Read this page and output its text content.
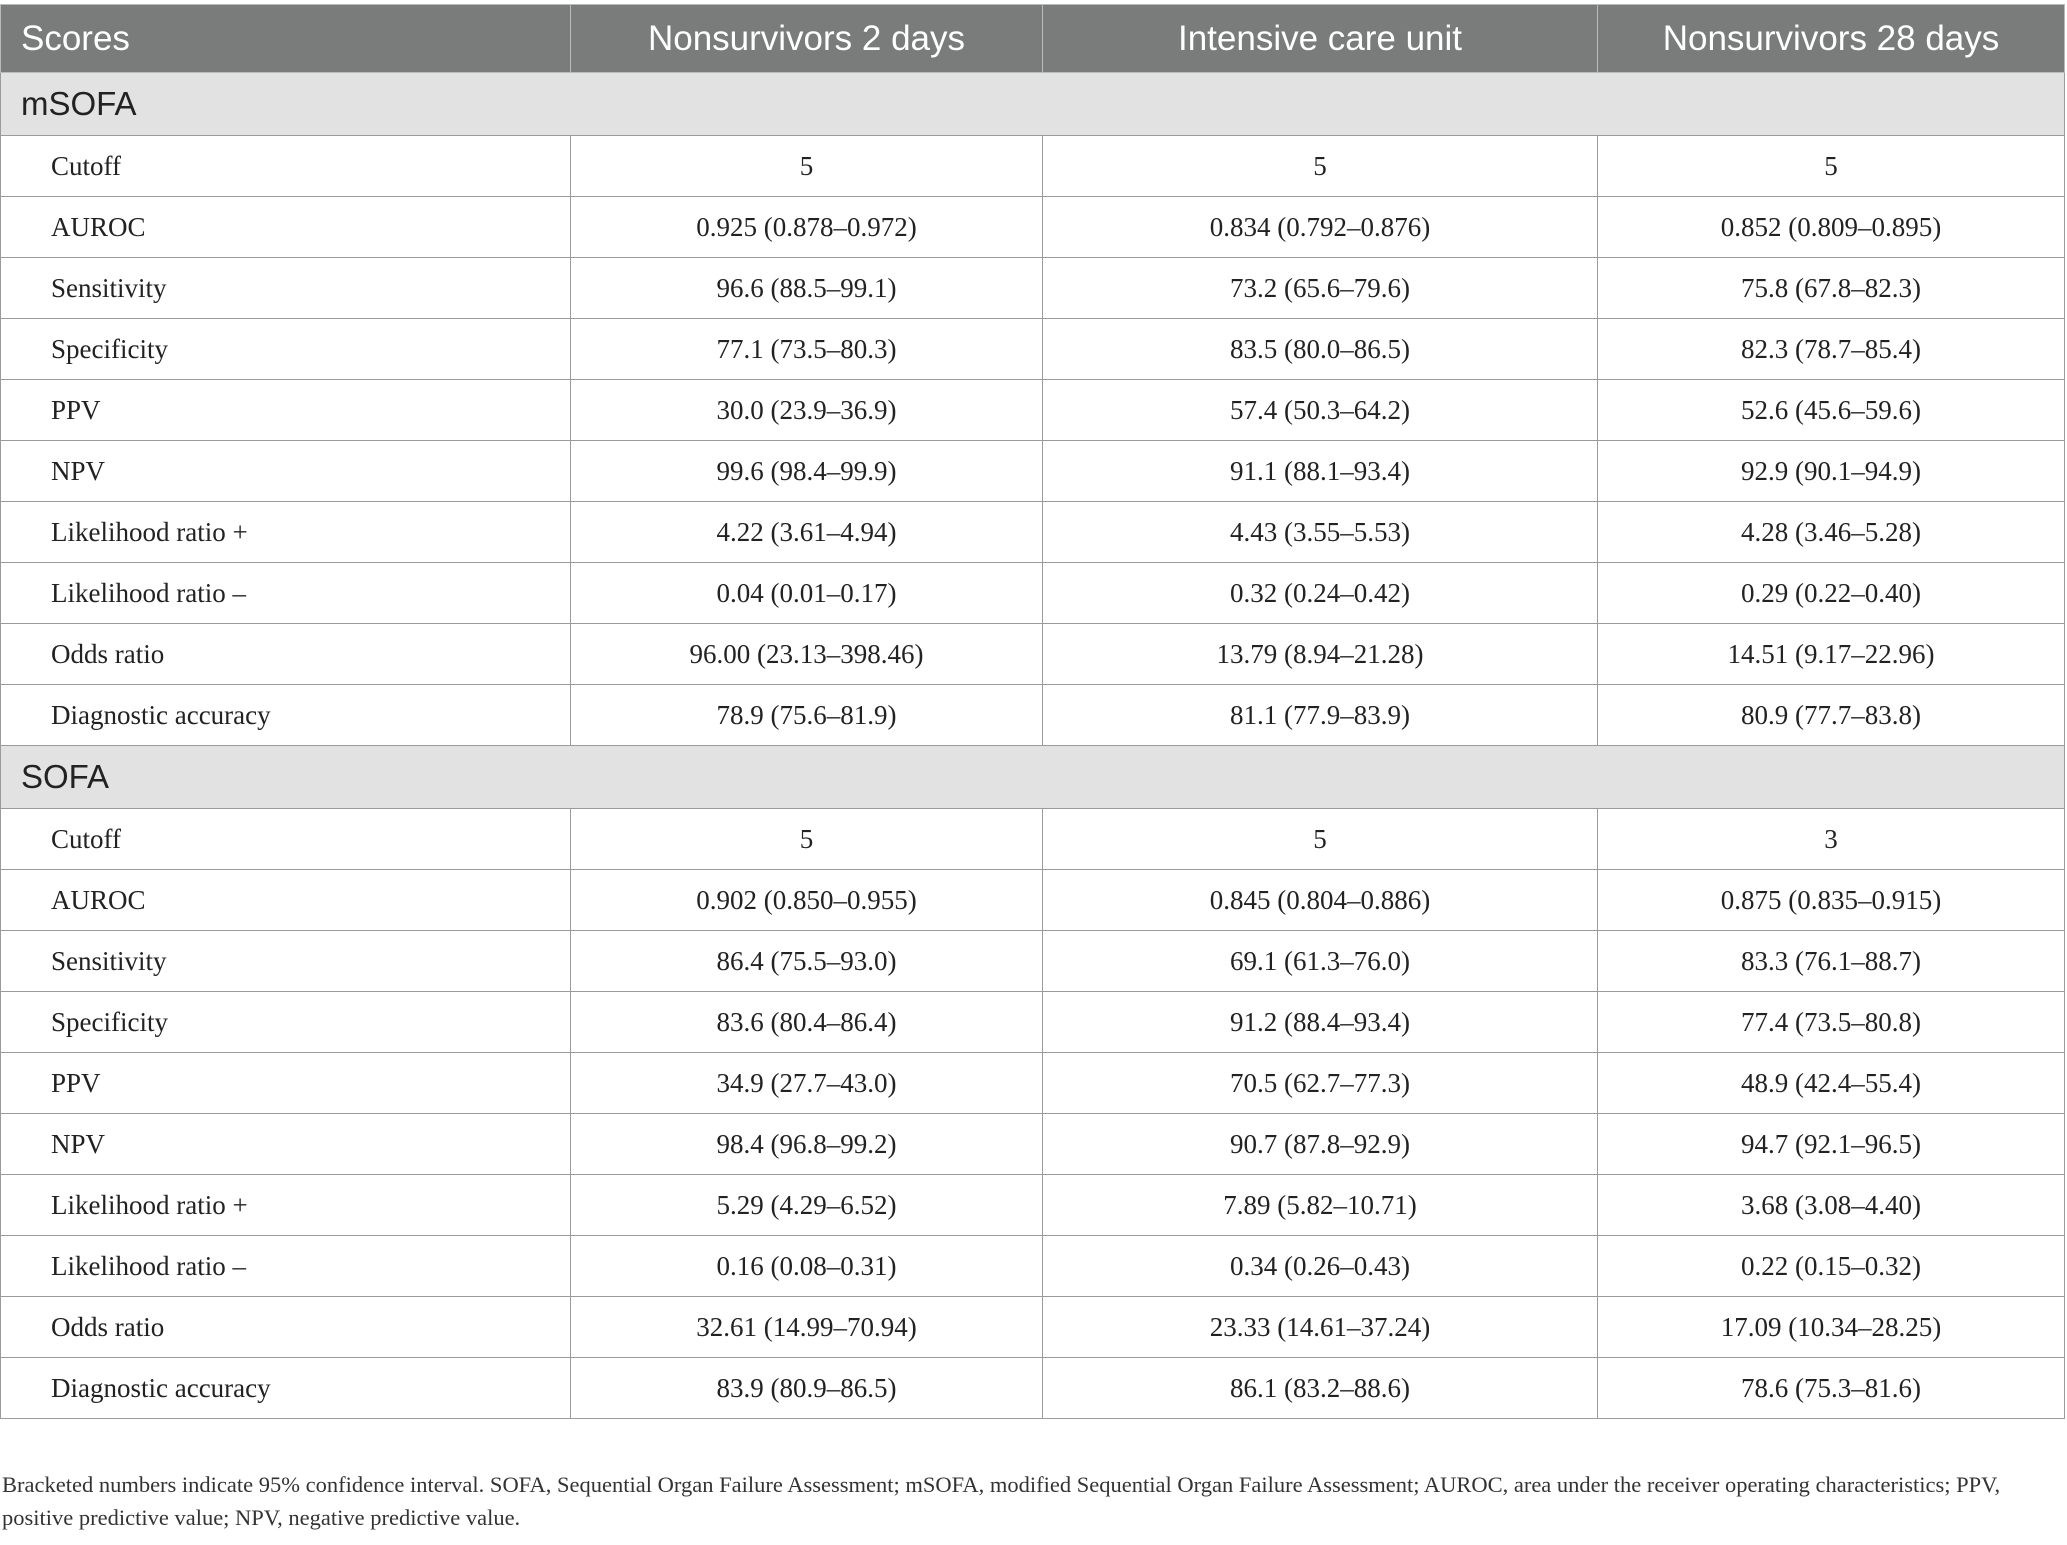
Scores	Nonsurvivors 2 days	Intensive care unit	Nonsurvivors 28 days
mSOFA			
Cutoff	5	5	5
AUROC	0.925 (0.878–0.972)	0.834 (0.792–0.876)	0.852 (0.809–0.895)
Sensitivity	96.6 (88.5–99.1)	73.2 (65.6–79.6)	75.8 (67.8–82.3)
Specificity	77.1 (73.5–80.3)	83.5 (80.0–86.5)	82.3 (78.7–85.4)
PPV	30.0 (23.9–36.9)	57.4 (50.3–64.2)	52.6 (45.6–59.6)
NPV	99.6 (98.4–99.9)	91.1 (88.1–93.4)	92.9 (90.1–94.9)
Likelihood ratio +	4.22 (3.61–4.94)	4.43 (3.55–5.53)	4.28 (3.46–5.28)
Likelihood ratio –	0.04 (0.01–0.17)	0.32 (0.24–0.42)	0.29 (0.22–0.40)
Odds ratio	96.00 (23.13–398.46)	13.79 (8.94–21.28)	14.51 (9.17–22.96)
Diagnostic accuracy	78.9 (75.6–81.9)	81.1 (77.9–83.9)	80.9 (77.7–83.8)
SOFA			
Cutoff	5	5	3
AUROC	0.902 (0.850–0.955)	0.845 (0.804–0.886)	0.875 (0.835–0.915)
Sensitivity	86.4 (75.5–93.0)	69.1 (61.3–76.0)	83.3 (76.1–88.7)
Specificity	83.6 (80.4–86.4)	91.2 (88.4–93.4)	77.4 (73.5–80.8)
PPV	34.9 (27.7–43.0)	70.5 (62.7–77.3)	48.9 (42.4–55.4)
NPV	98.4 (96.8–99.2)	90.7 (87.8–92.9)	94.7 (92.1–96.5)
Likelihood ratio +	5.29 (4.29–6.52)	7.89 (5.82–10.71)	3.68 (3.08–4.40)
Likelihood ratio –	0.16 (0.08–0.31)	0.34 (0.26–0.43)	0.22 (0.15–0.32)
Odds ratio	32.61 (14.99–70.94)	23.33 (14.61–37.24)	17.09 (10.34–28.25)
Diagnostic accuracy	83.9 (80.9–86.5)	86.1 (83.2–88.6)	78.6 (75.3–81.6)

Bracketed numbers indicate 95% confidence interval. SOFA, Sequential Organ Failure Assessment; mSOFA, modified Sequential Organ Failure Assessment; AUROC, area under the receiver operating characteristics; PPV, positive predictive value; NPV, negative predictive value.
